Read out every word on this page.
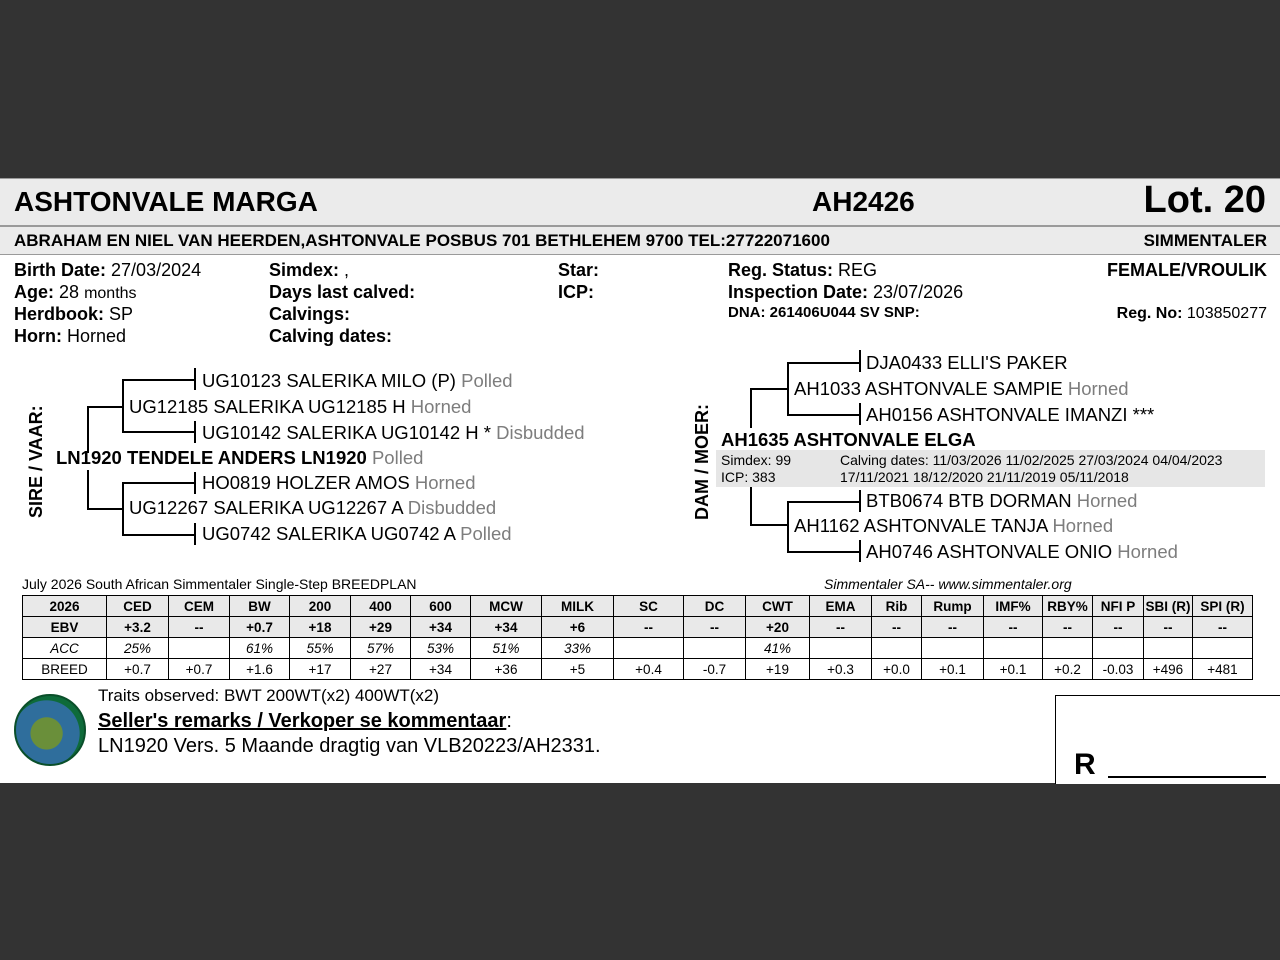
ASHTONVALE MARGA	AH2426	Lot. 20
ABRAHAM EN NIEL VAN HEERDEN,ASHTONVALE POSBUS 701 BETHLEHEM 9700 TEL:27722071600	SIMMENTALER
Birth Date: 27/03/2024
Age: 28 months
Herdbook: SP
Horn: Horned
Simdex: ,
Days last calved:
Calvings:
Calving dates:
Star:
ICP:
Reg. Status: REG
Inspection Date: 23/07/2026
DNA: 261406U044 SV SNP:
FEMALE/VROULIK
Reg. No: 103850277
SIRE / VAAR:
UG10123 SALERIKA MILO (P) Polled
UG12185 SALERIKA UG12185 H Horned
UG10142 SALERIKA UG10142 H * Disbudded
LN1920 TENDELE ANDERS LN1920 Polled
HO0819 HOLZER AMOS Horned
UG12267 SALERIKA UG12267 A Disbudded
UG0742 SALERIKA UG0742 A Polled
DAM / MOER:
DJA0433 ELLI'S PAKER
AH1033 ASHTONVALE SAMPIE Horned
AH0156 ASHTONVALE IMANZI ***
AH1635 ASHTONVALE ELGA
Simdex: 99
ICP: 383
Calving dates: 11/03/2026 11/02/2025 27/03/2024 04/04/2023
17/11/2021 18/12/2020 21/11/2019 05/11/2018
BTB0674 BTB DORMAN Horned
AH1162 ASHTONVALE TANJA Horned
AH0746 ASHTONVALE ONIO Horned
July 2026 South African Simmentaler Single-Step BREEDPLAN	Simmentaler SA-- www.simmentaler.org
2026	CED	CEM	BW	200	400	600	MCW	MILK	SC	DC	CWT	EMA	Rib	Rump	IMF%	RBY%	NFI P	SBI (R)	SPI (R)
EBV	+3.2	--	+0.7	+18	+29	+34	+34	+6	--	--	+20	--	--	--	--	--	--	--	--
ACC	25%		61%	55%	57%	53%	51%	33%			41%								
BREED	+0.7	+0.7	+1.6	+17	+27	+34	+36	+5	+0.4	-0.7	+19	+0.3	+0.0	+0.1	+0.1	+0.2	-0.03	+496	+481
Traits observed: BWT 200WT(x2) 400WT(x2)
Seller's remarks / Verkoper se kommentaar:
LN1920 Vers. 5 Maande dragtig van VLB20223/AH2331.
R
